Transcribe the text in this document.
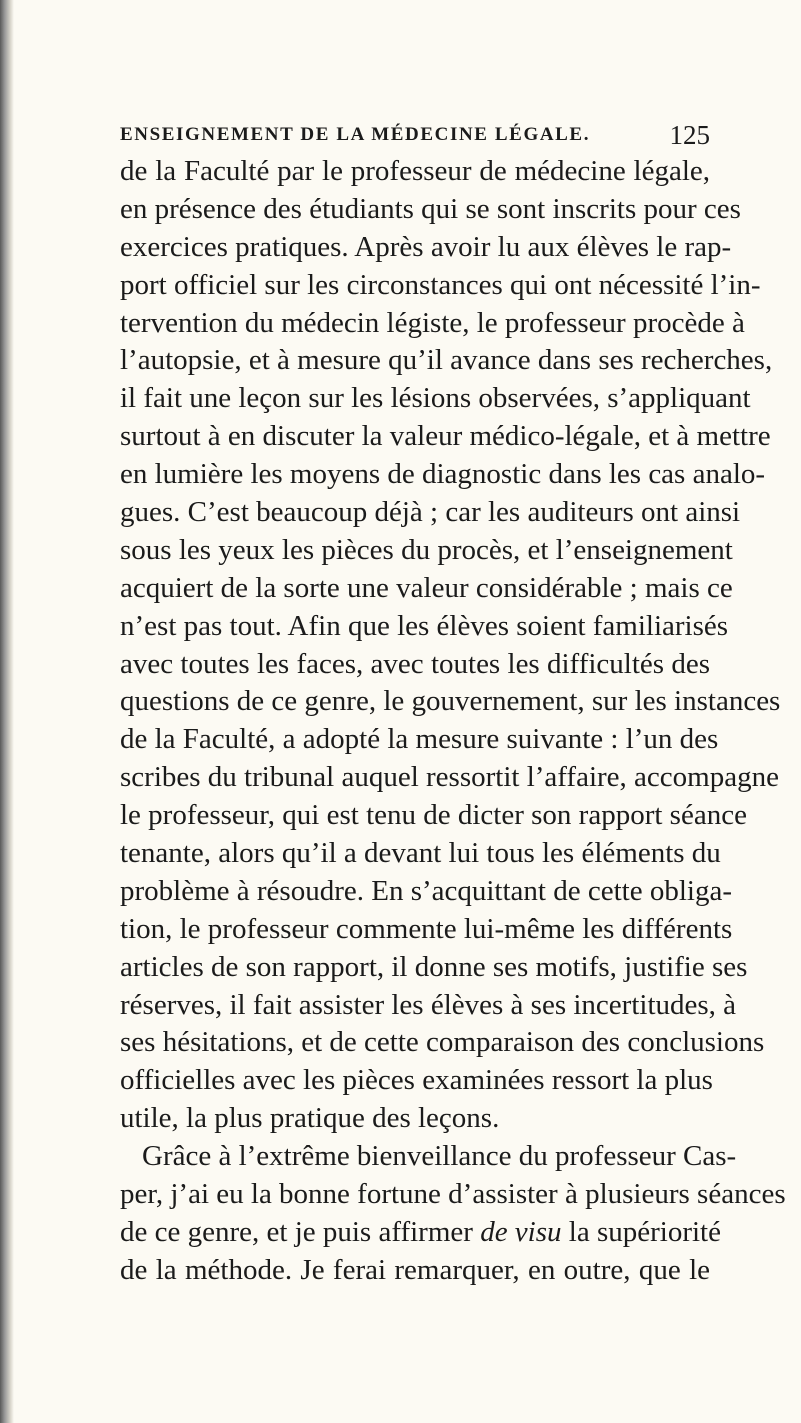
ENSEIGNEMENT DE LA MÉDECINE LÉGALE.	125
de la Faculté par le professeur de médecine légale,
en présence des étudiants qui se sont inscrits pour ces
exercices pratiques. Après avoir lu aux élèves le rap-
port officiel sur les circonstances qui ont nécessité l’in-
tervention du médecin légiste, le professeur procède à
l’autopsie, et à mesure qu’il avance dans ses recherches,
il fait une leçon sur les lésions observées, s’appliquant
surtout à en discuter la valeur médico-légale, et à mettre
en lumière les moyens de diagnostic dans les cas analo-
gues. C’est beaucoup déjà ; car les auditeurs ont ainsi
sous les yeux les pièces du procès, et l’enseignement
acquiert de la sorte une valeur considérable ; mais ce
n’est pas tout. Afin que les élèves soient familiarisés
avec toutes les faces, avec toutes les difficultés des
questions de ce genre, le gouvernement, sur les instances
de la Faculté, a adopté la mesure suivante : l’un des
scribes du tribunal auquel ressortit l’affaire, accompagne
le professeur, qui est tenu de dicter son rapport séance
tenante, alors qu’il a devant lui tous les éléments du
problème à résoudre. En s’acquittant de cette obliga-
tion, le professeur commente lui-même les différents
articles de son rapport, il donne ses motifs, justifie ses
réserves, il fait assister les élèves à ses incertitudes, à
ses hésitations, et de cette comparaison des conclusions
officielles avec les pièces examinées ressort la plus
utile, la plus pratique des leçons.
Grâce à l’extrême bienveillance du professeur Cas-
per, j’ai eu la bonne fortune d’assister à plusieurs séances
de ce genre, et je puis affirmer de visu la supériorité
de la méthode. Je ferai remarquer, en outre, que le
